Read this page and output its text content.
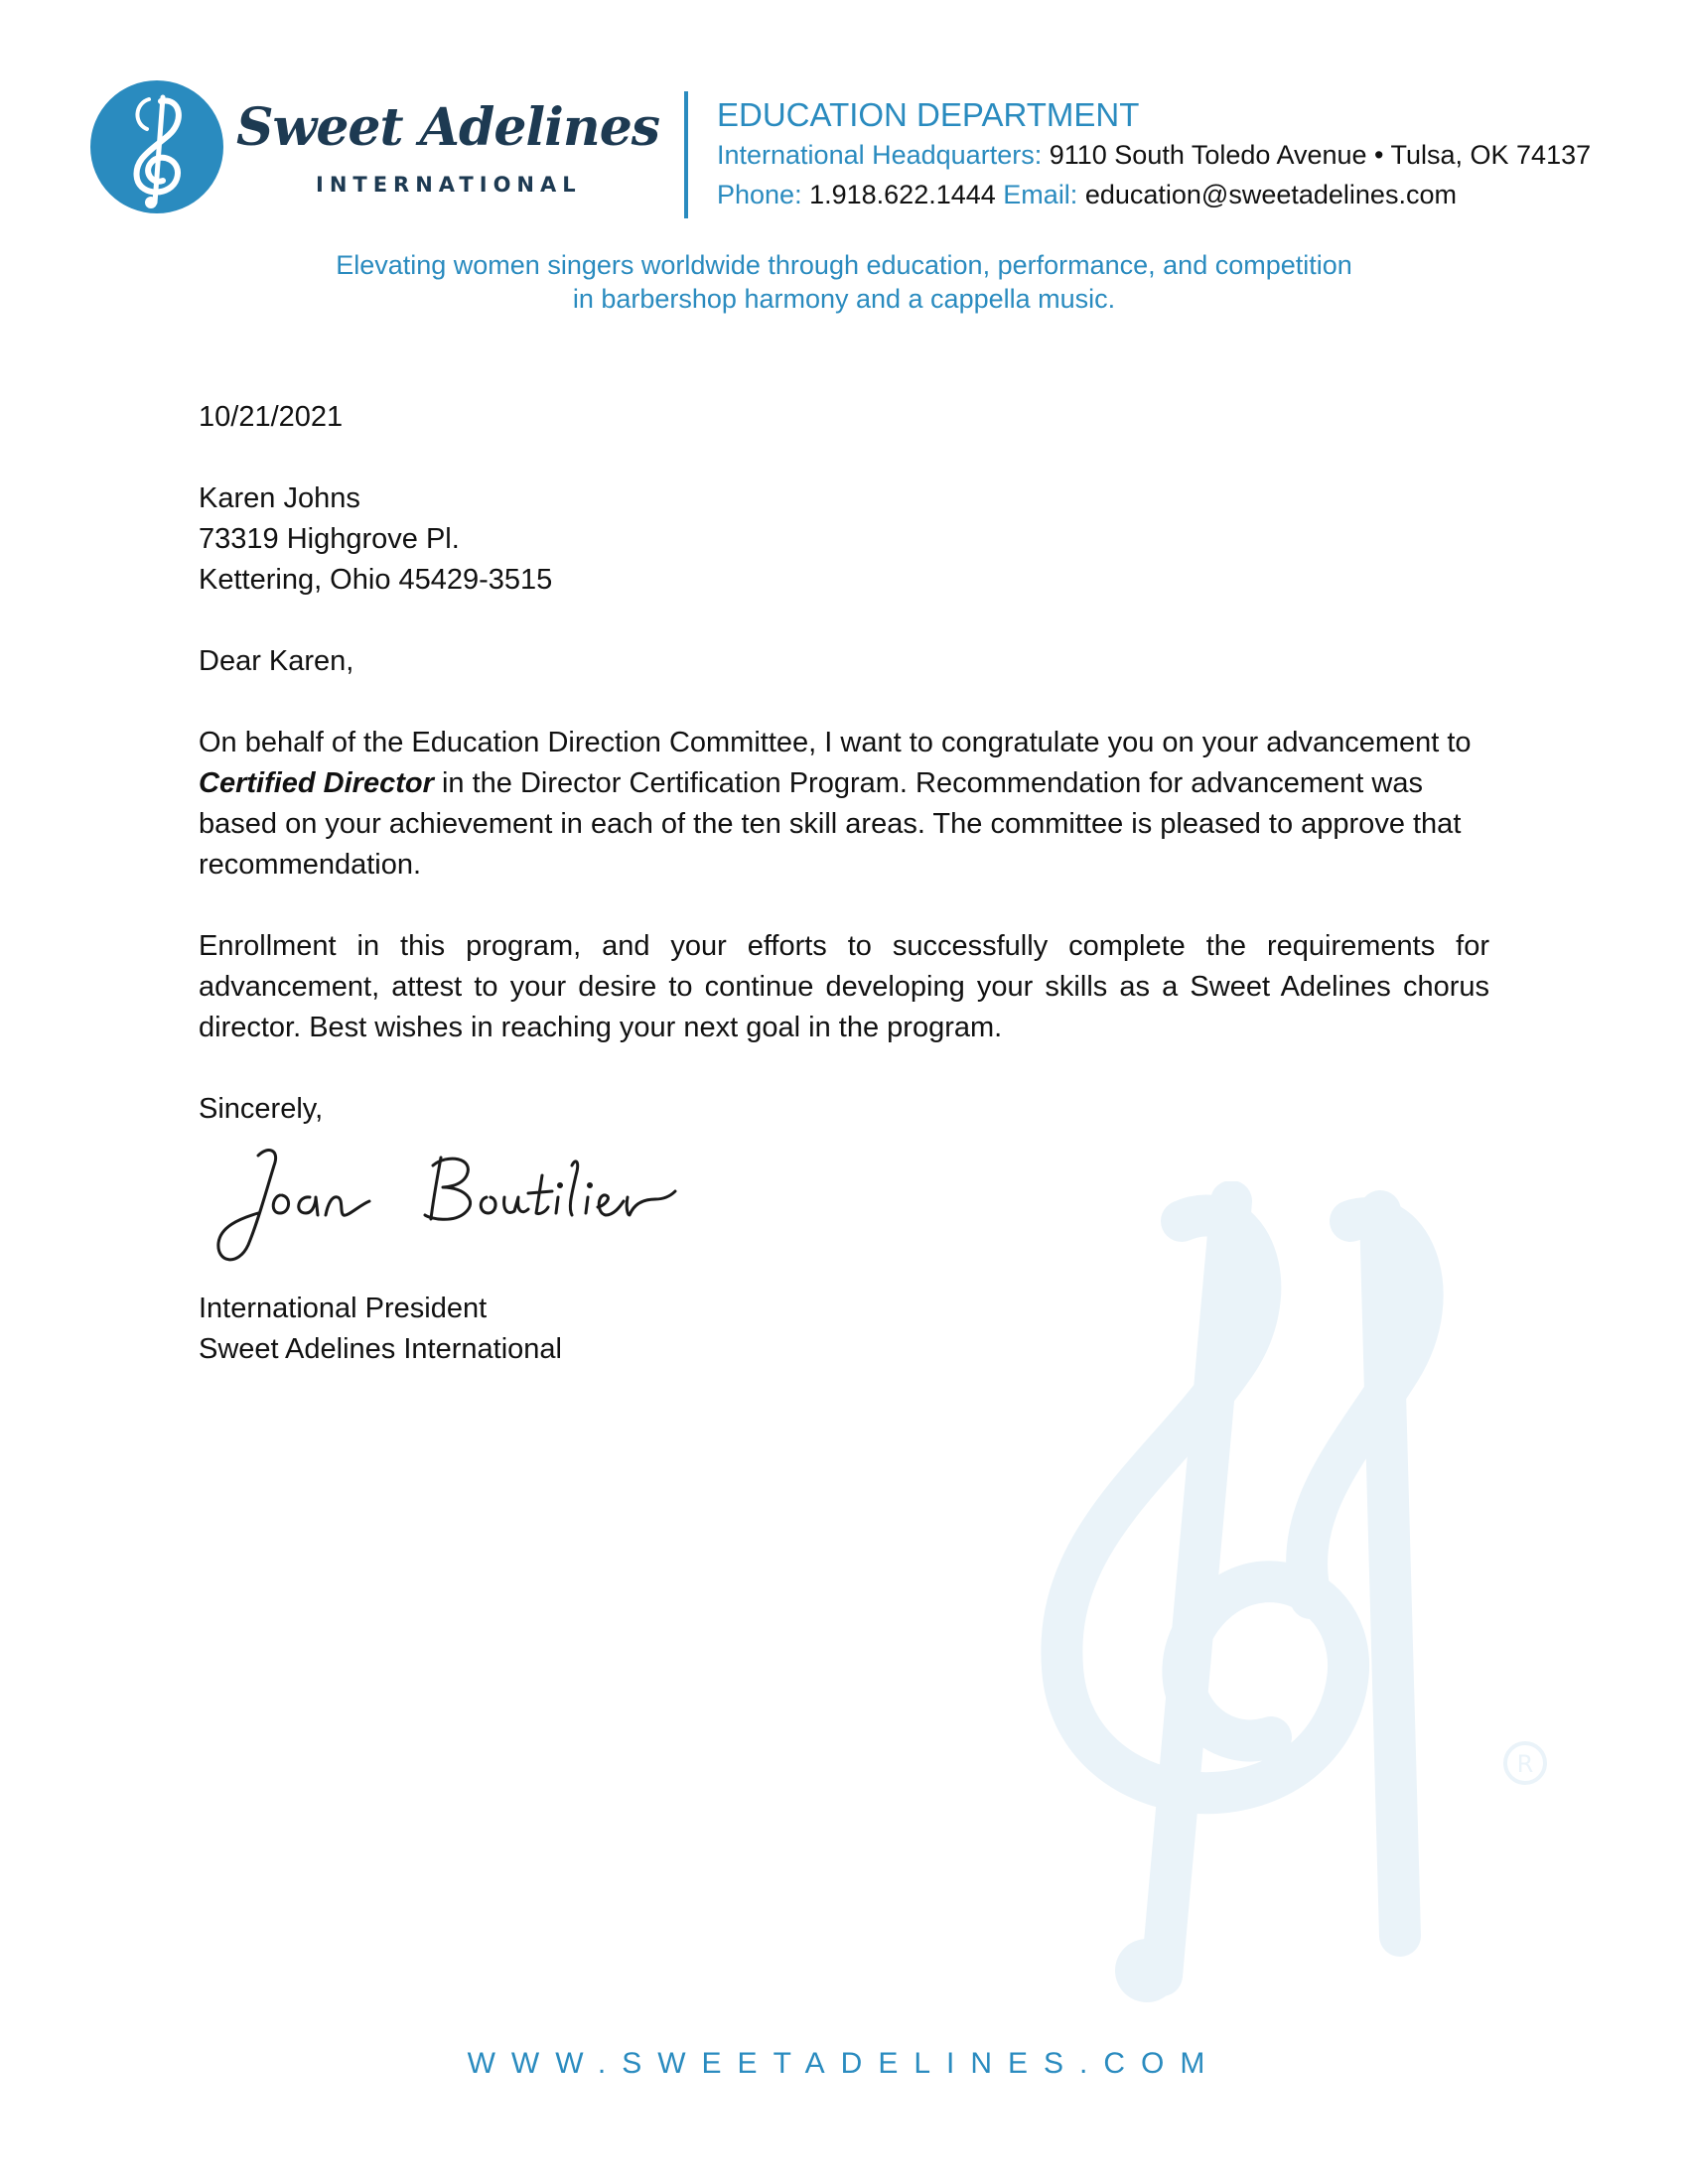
Sweet Adelines
INTERNATIONAL
EDUCATION DEPARTMENT
International Headquarters: 9110 South Toledo Avenue • Tulsa, OK 74137
Phone: 1.918.622.1444 Email: education@sweetadelines.com
Elevating women singers worldwide through education, performance, and competition
in barbershop harmony and a cappella music.
R

10/21/2021

Karen Johns

73319 Highgrove Pl.

Kettering, Ohio 45429-3515

Dear Karen,

On behalf of the Education Direction Committee, I want to congratulate you on your advancement to Certified Director in the Director Certification Program. Recommendation for advancement was based on your achievement in each of the ten skill areas. The committee is pleased to approve that recommendation.

Enrollment in this program, and your efforts to successfully complete the requirements for advancement, attest to your desire to continue developing your skills as a Sweet Adelines chorus director. Best wishes in reaching your next goal in the program.

Sincerely,

International President

Sweet Adelines International

WWW.SWEETADELINES.COM
